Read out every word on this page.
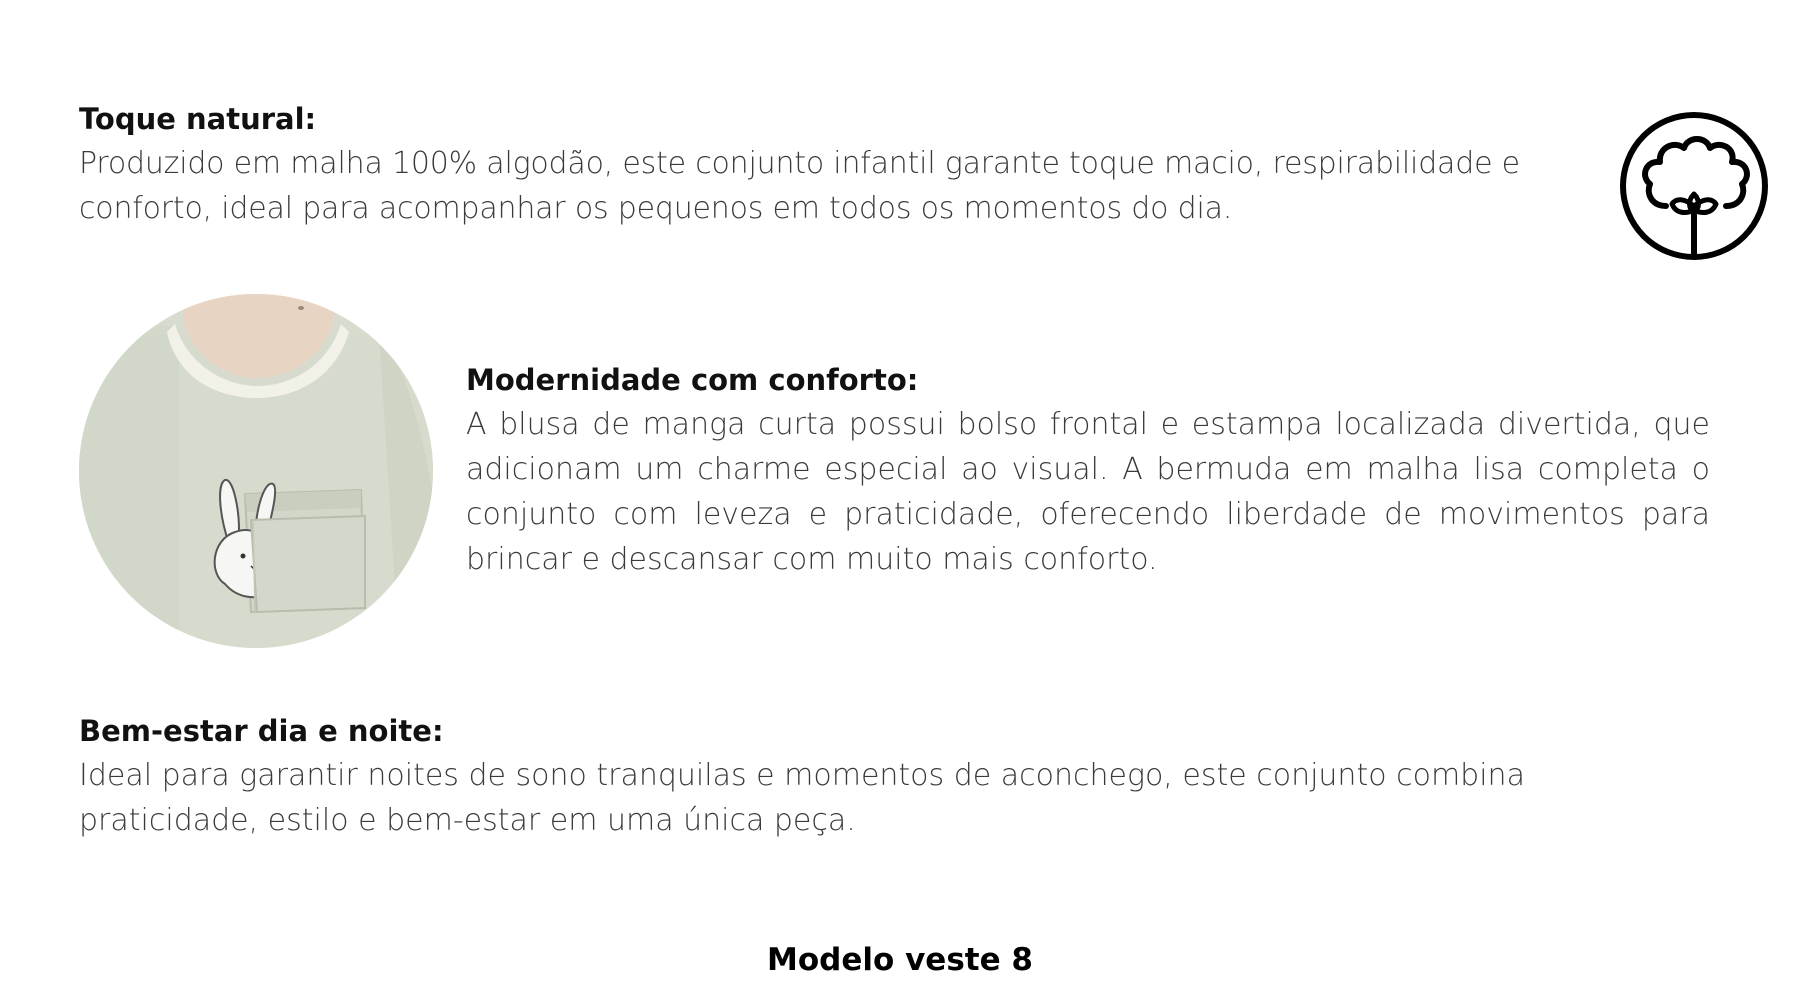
Toque natural:

Produzido em malha 100% algodão, este conjunto infantil garante toque macio, respirabilidade e conforto, ideal para acompanhar os pequenos em todos os momentos do dia.

Modernidade com conforto:

A blusa de manga curta possui bolso frontal e estampa localizada divertida, que adicionam um charme especial ao visual. A bermuda em malha lisa completa o conjunto com leveza e praticidade, oferecendo liberdade de movimentos para brincar e descansar com muito mais conforto.

Bem-estar dia e noite:

Ideal para garantir noites de sono tranquilas e momentos de aconchego, este conjunto combina praticidade, estilo e bem-estar em uma única peça.

Modelo veste 8
